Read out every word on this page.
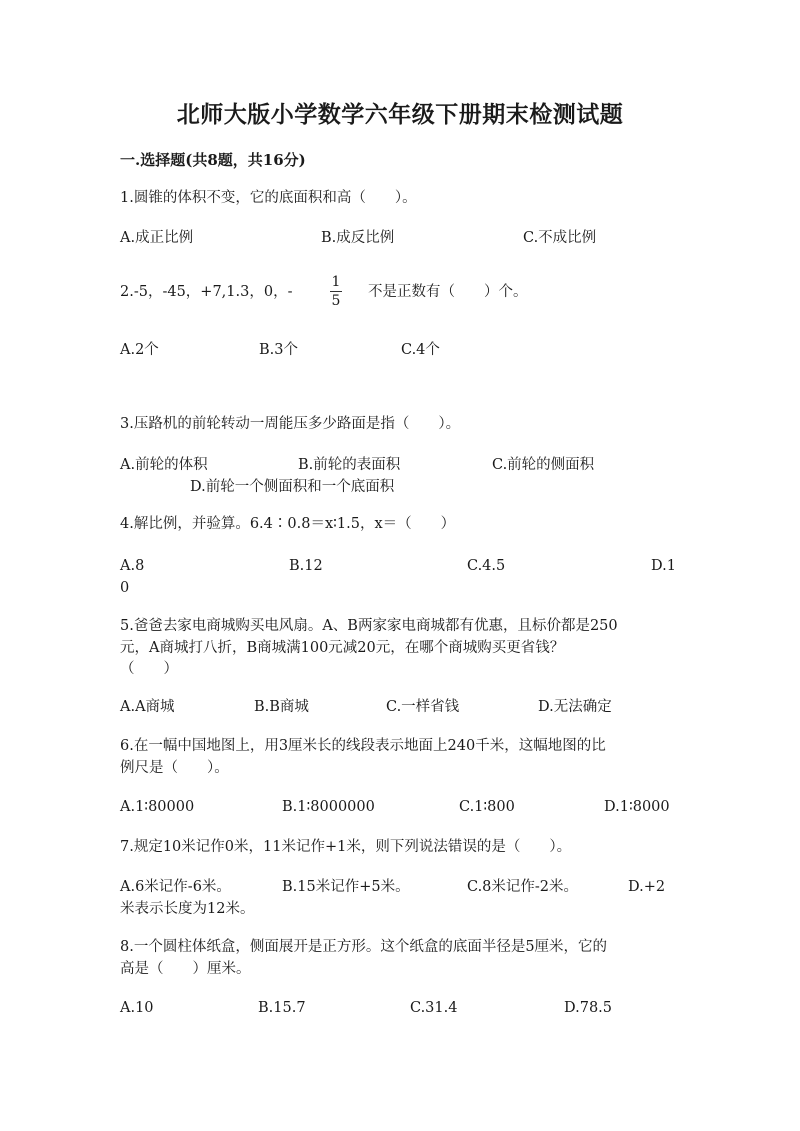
北师大版小学数学六年级下册期末检测试题
一.选择题(共8题，共16分)
1.圆锥的体积不变，它的底面积和高（　　）。
A.成正比例	B.成反比例	C.不成比例
2.-5，-45，+7,1.3，0，-
1
5
不是正数有（　　）个。
A.2个	B.3个	C.4个
3.压路机的前轮转动一周能压多少路面是指（　　）。
A.前轮的体积	B.前轮的表面积	C.前轮的侧面积
D.前轮一个侧面积和一个底面积
4.解比例，并验算。6.4∶0.8＝x∶1.5，x＝（　　）
A.8	B.12	C.4.5	D.1
0
5.爸爸去家电商城购买电风扇。A、B两家家电商城都有优惠，且标价都是250
元，A商城打八折，B商城满100元减20元，在哪个商城购买更省钱？
（　　）
A.A商城	B.B商城	C.一样省钱	D.无法确定
6.在一幅中国地图上，用3厘米长的线段表示地面上240千米，这幅地图的比
例尺是（　　）。
A.1∶80000	B.1∶8000000	C.1∶800	D.1∶8000
7.规定10米记作0米，11米记作+1米，则下列说法错误的是（　　）。
A.6米记作-6米。	B.15米记作+5米。	C.8米记作-2米。	D.+2
米表示长度为12米。
8.一个圆柱体纸盒，侧面展开是正方形。这个纸盒的底面半径是5厘米，它的
高是（　　）厘米。
A.10	B.15.7	C.31.4	D.78.5
